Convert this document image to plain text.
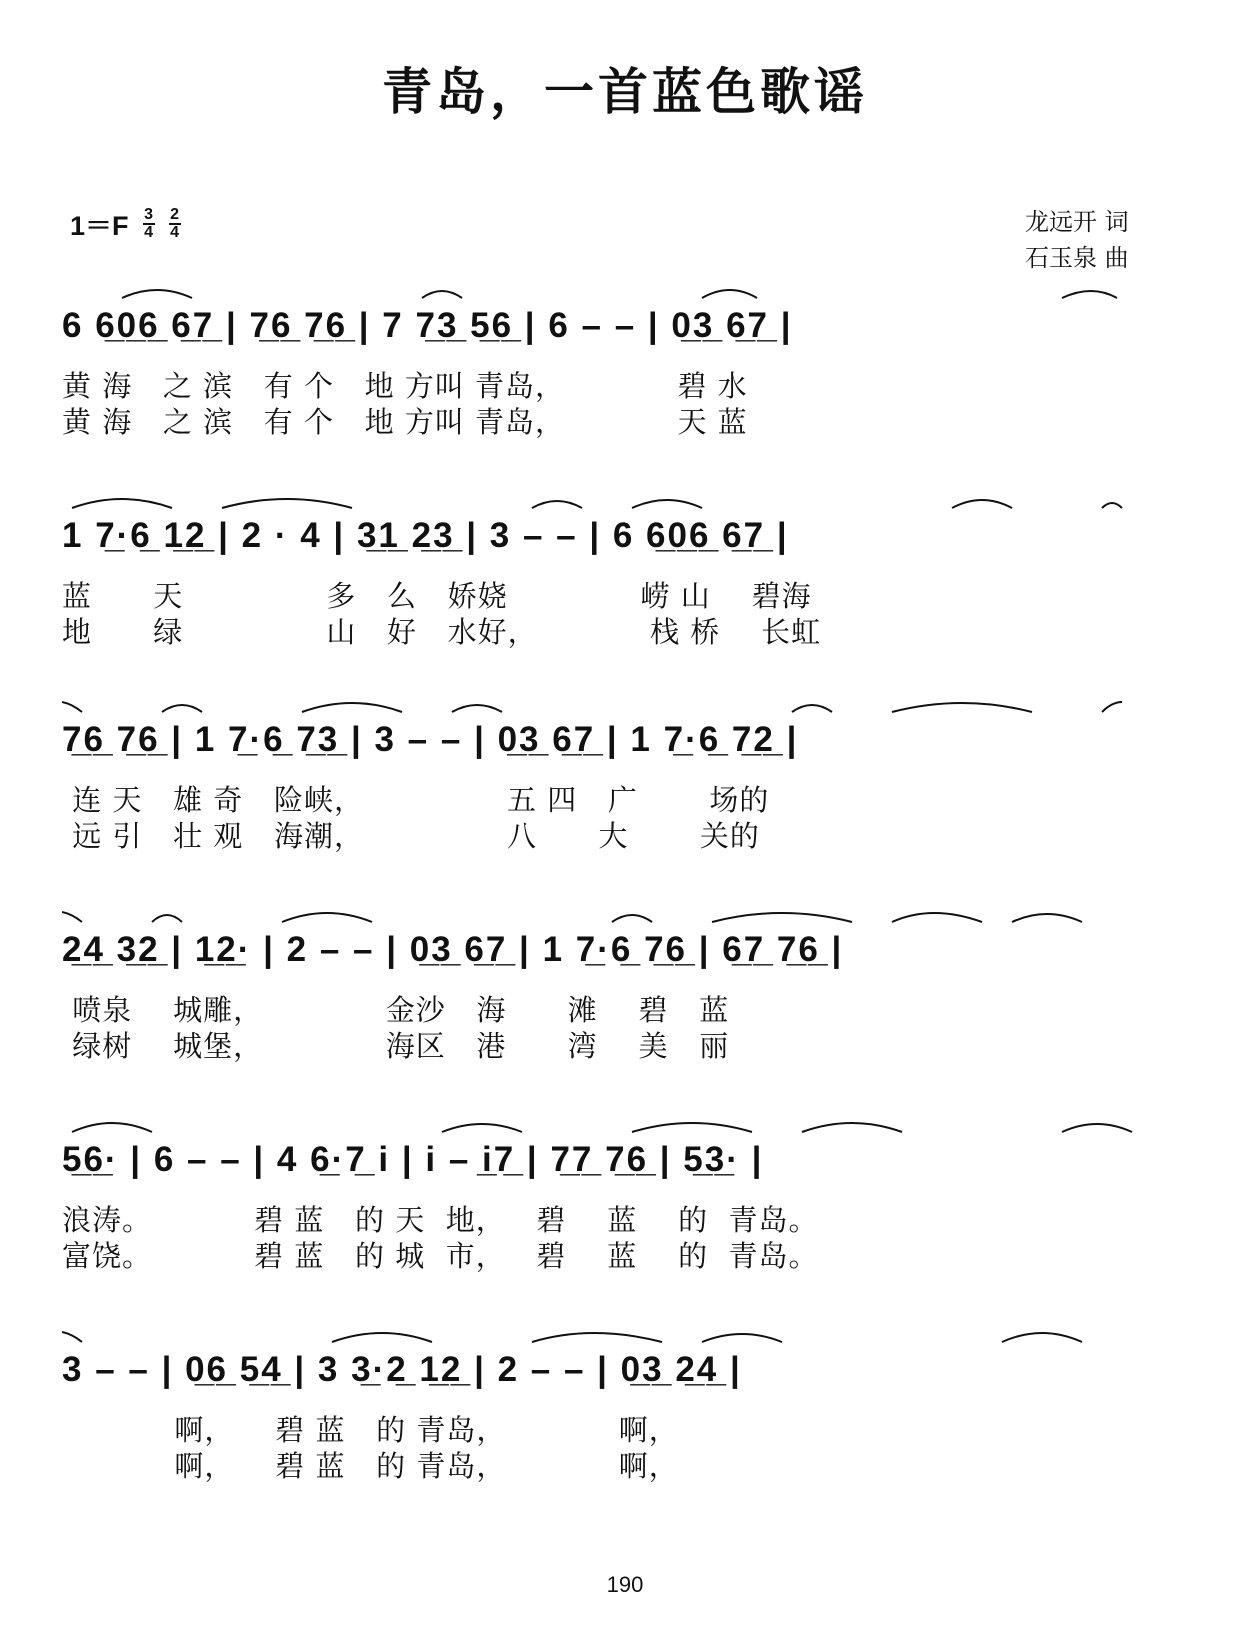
青岛，一首蓝色歌谣
$1=F \frac{3}{4} \frac{2}{4}$	龙远开 词
石玉泉 曲
6 6̲0̲6̲ 6̲7̲ | 7̲6̲ 7̲6̲ | 7 7̲3̲ 5̲6̲ | 6 – – | 0̲3̲ 6̲7̲ |
黄 海   之 滨   有 个   地 方叫 青岛，           碧 水
黄 海   之 滨   有 个   地 方叫 青岛，           天 蓝
1 7̲·6̲ 1̲2̲ | 2 · 4 | 3̲1̲ 2̲3̲ | 3 – – | 6 6̲0̲6̲ 6̲7̲ |
蓝      天              多   么   娇娆             崂 山    碧海
地      绿              山   好   水好，           栈 桥    长虹
7̲6̲ 7̲6̲ | 1 7̲·6̲ 7̲3̲ | 3 – – | 0̲3̲ 6̲7̲ | 1 7̲·6̲ 7̲2̲ |
连 天   雄 奇   险峡，              五 四   广       场的
远 引   壮 观   海潮，              八      大       关的
2̲4̲ 3̲2̲ | 1̲2̲· | 2 – – | 0̲3̲ 6̲7̲ | 1 7̲·6̲ 7̲6̲ | 6̲7̲ 7̲6̲ |
喷泉    城雕，            金沙   海      滩    碧   蓝
绿树    城堡，            海区   港      湾    美   丽
5̲6̲· | 6 – – | 4 6̲·7̲ i | i – i̲7̲ | 7̲7̲ 7̲6̲ | 5̲3̲· |
浪涛。          碧 蓝   的 天  地，   碧    蓝    的  青岛。
富饶。          碧 蓝   的 城  市，   碧    蓝    的  青岛。
3 – – | 0̲6̲ 5̲4̲ | 3 3̲·2̲ 1̲2̲ | 2 – – | 0̲3̲ 2̲4̲ |
啊，    碧 蓝   的 青岛，           啊，
啊，    碧 蓝   的 青岛，           啊，
190
